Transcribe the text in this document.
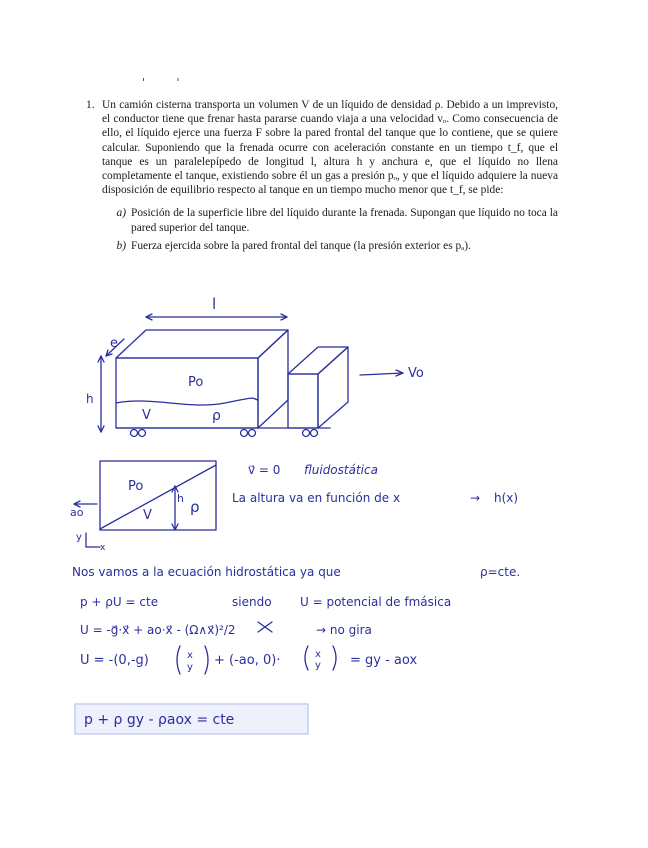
' '
1. Un camión cisterna transporta un volumen V de un líquido de densidad ρ. Debido a un imprevisto, el conductor tiene que frenar hasta pararse cuando viaja a una velocidad vₒ. Como consecuencia de ello, el líquido ejerce una fuerza F sobre la pared frontal del tanque que lo contiene, que se quiere calcular. Suponiendo que la frenada ocurre con aceleración constante en un tiempo t_f, que el tanque es un paralelepípedo de longitud l, altura h y anchura e, que el líquido no llena completamente el tanque, existiendo sobre él un gas a presión pₒ, y que el líquido adquiere la nueva disposición de equilibrio respecto al tanque en un tiempo mucho menor que t_f, se pide:
a) Posición de la superficie libre del líquido durante la frenada. Supongan que líquido no toca la pared superior del tanque.
b) Fuerza ejercida sobre la pared frontal del tanque (la presión exterior es pₐ).
l
e
h
Po
V	ρ
Vo
Po
h
V	ρ
ao
y
x
v⃗ = 0 fluidostática
La altura va en función de x	→ h(x)
Nos vamos a la ecuación hidrostática ya que	ρ=cte.
p + ρU = cte	siendo U = potencial de fmásica
U = -g⃗·x⃗ + ao·x⃗ - (Ω∧x⃗)²/2	→ no gira
U = -(0,-g)	x
y + (-ao, 0)·	x
y = gy - aox
p + ρ gy - ρaox = cte
